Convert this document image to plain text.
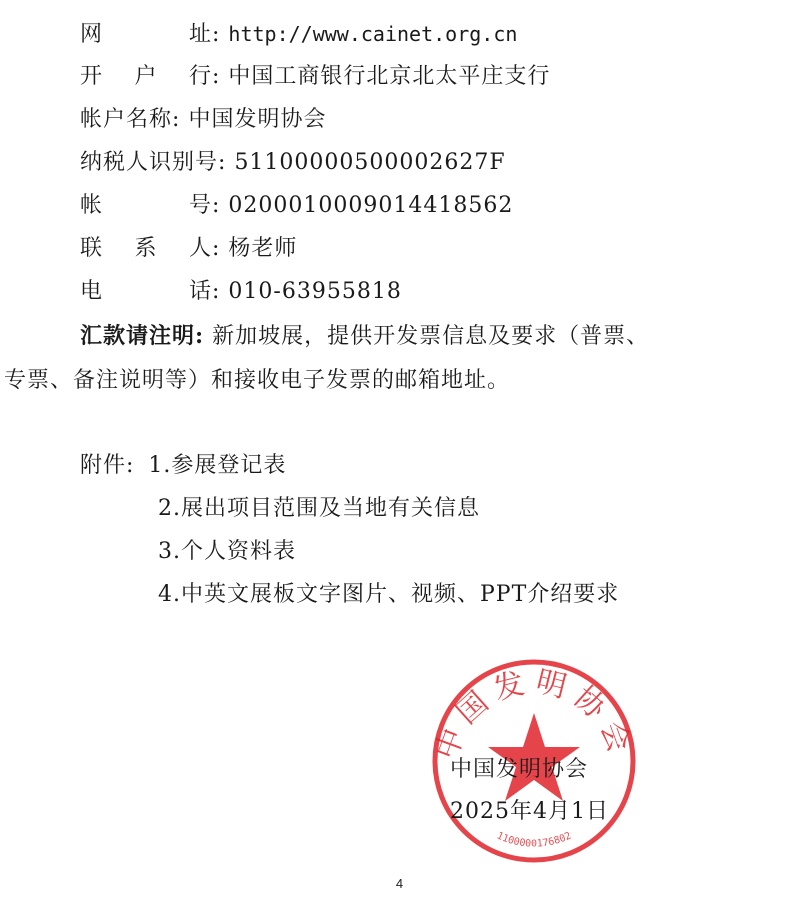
网	址 : http://www.cainet.org.cn
开 户 行 : 中国工商银行北京北太平庄支行
帐户名称: 中国发明协会
纳税人识别号: 51100000500002627F
帐	号 : 0200010009014418562
联 系 人 : 杨老师
电	话 : 010-63955818
汇款请注明: 新加坡展，提供开发票信息及要求（普票、
专票、备注说明等）和接收电子发票的邮箱地址。
附件: 1.参展登记表
2.展出项目范围及当地有关信息
3.个人资料表
4.中英文展板文字图片、视频、PPT介绍要求
中国发明协会
1100000176802
中国发明协会
2025年4月1日
4
